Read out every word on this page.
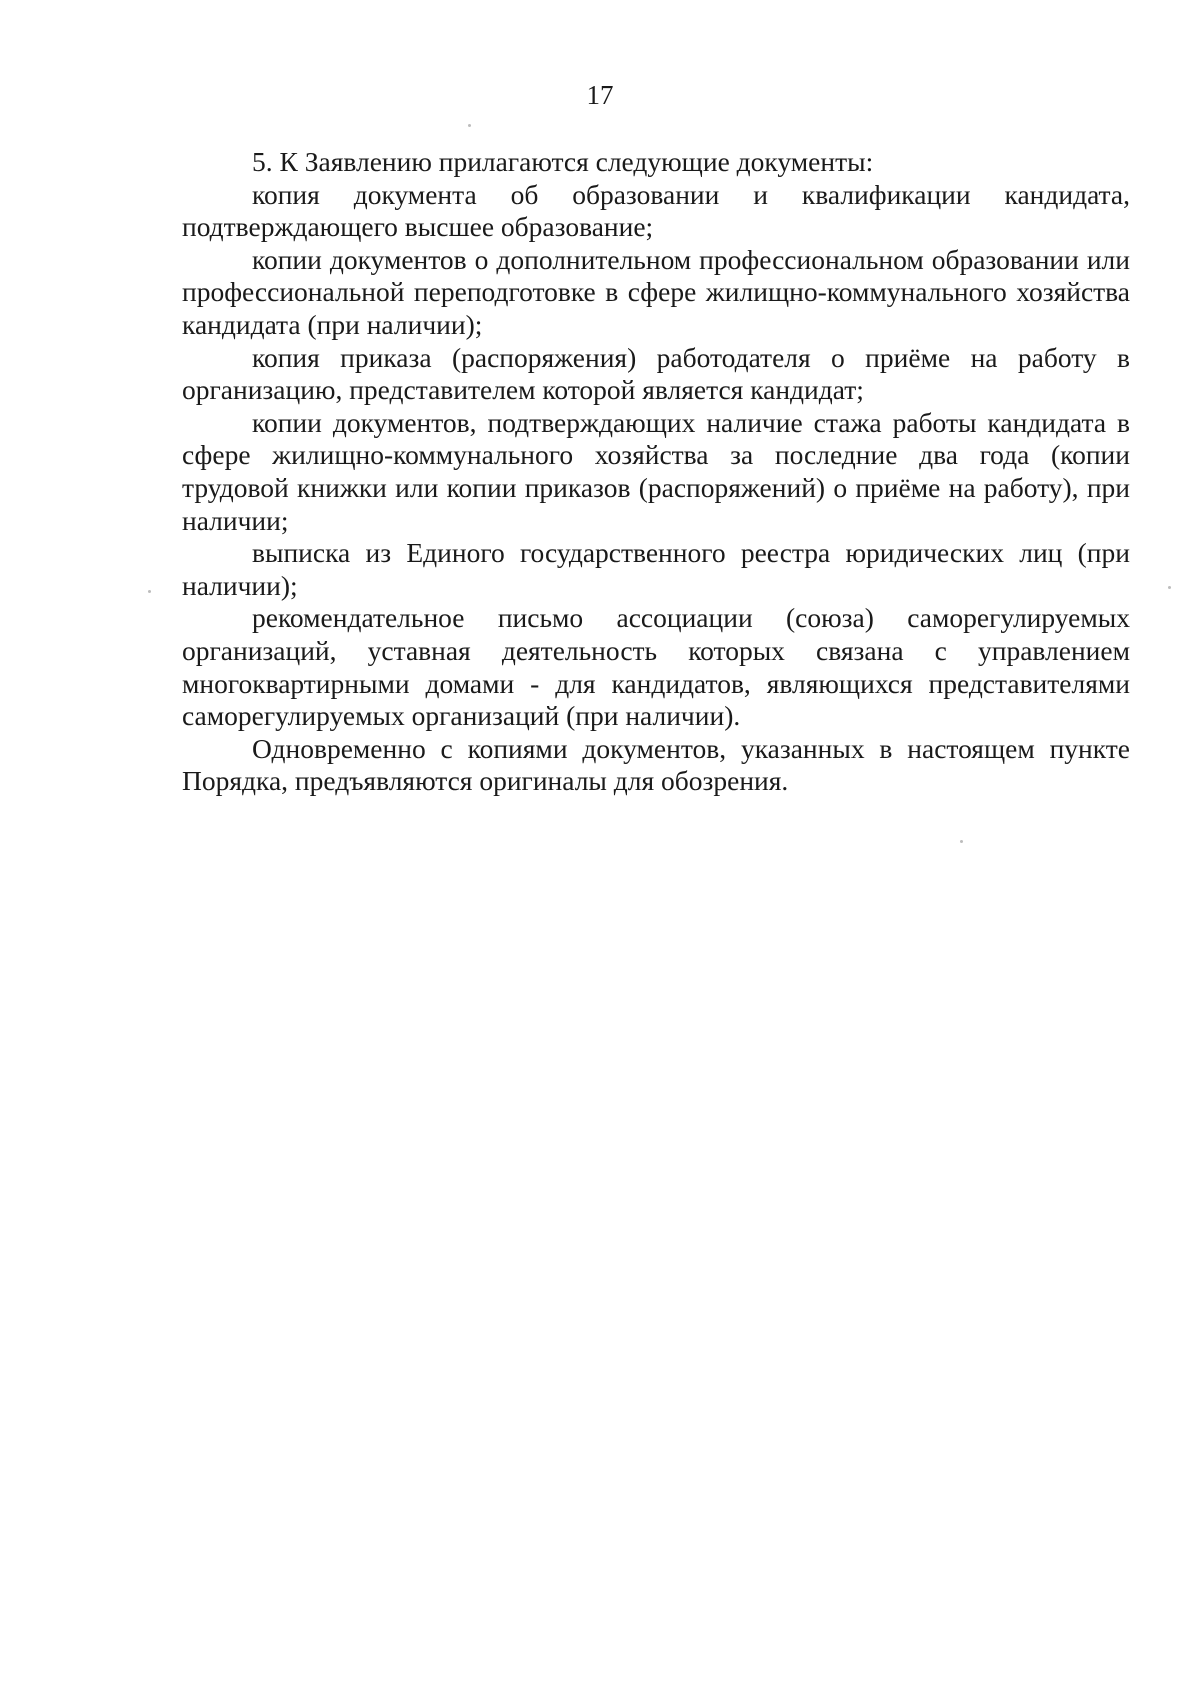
17

5. К Заявлению прилагаются следующие документы:

копия документа об образовании и квалификации кандидата, подтверждающего высшее образование;

копии документов о дополнительном профессиональном образовании или профессиональной переподготовке в сфере жилищно-коммунального хозяйства кандидата (при наличии);

копия приказа (распоряжения) работодателя о приёме на работу в организацию, представителем которой является кандидат;

копии документов, подтверждающих наличие стажа работы кандидата в сфере жилищно-коммунального хозяйства за последние два года (копии трудовой книжки или копии приказов (распоряжений) о приёме на работу), при наличии;

выписка из Единого государственного реестра юридических лиц (при наличии);

рекомендательное письмо ассоциации (союза) саморегулируемых организаций, уставная деятельность которых связана с управлением многоквартирными домами - для кандидатов, являющихся представителями саморегулируемых организаций (при наличии).

Одновременно с копиями документов, указанных в настоящем пункте Порядка, предъявляются оригиналы для обозрения.
